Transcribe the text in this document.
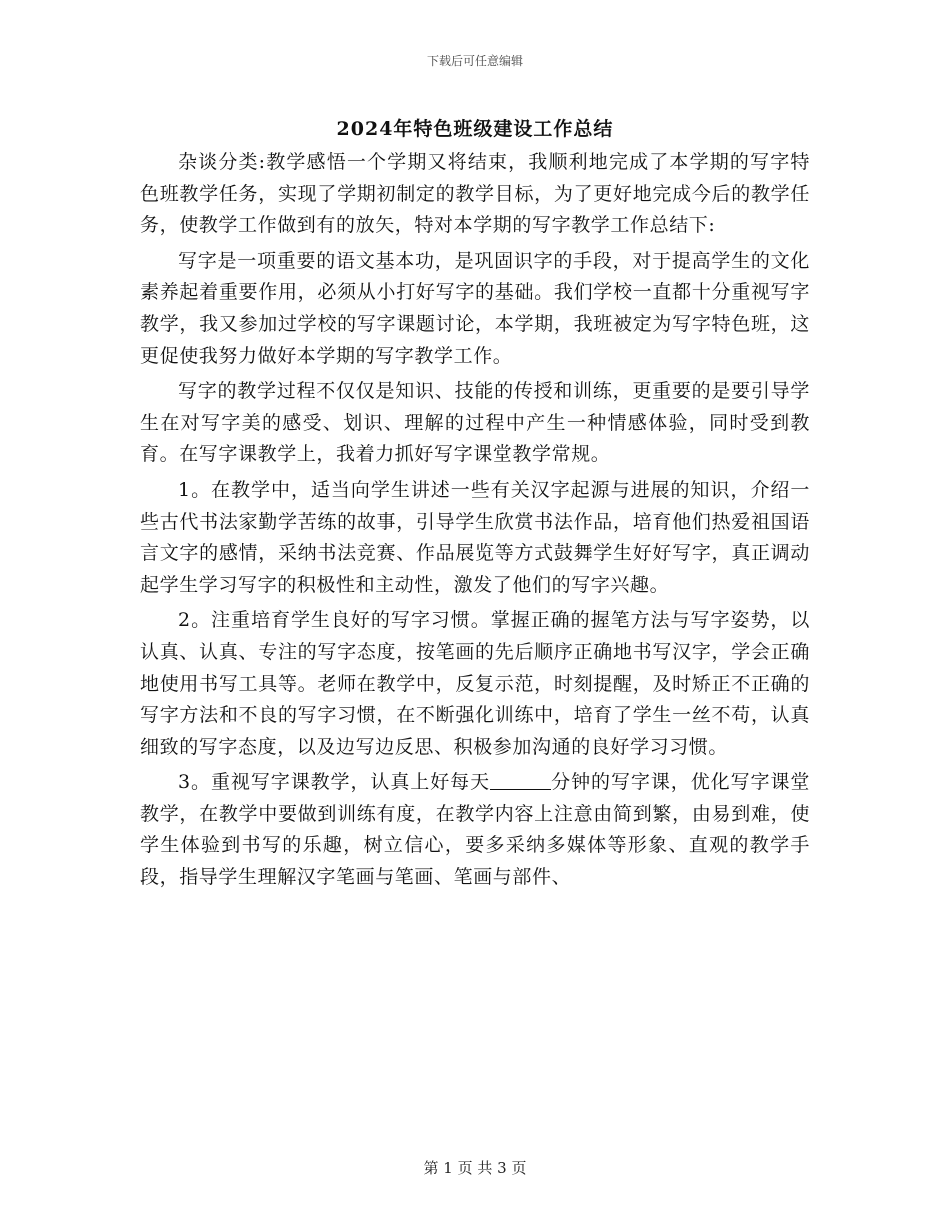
下载后可任意编辑
2024年特色班级建设工作总结

杂谈分类:教学感悟一个学期又将结束，我顺利地完成了本学期的写字特色班教学任务，实现了学期初制定的教学目标，为了更好地完成今后的教学任务，使教学工作做到有的放矢，特对本学期的写字教学工作总结下:

写字是一项重要的语文基本功，是巩固识字的手段，对于提高学生的文化素养起着重要作用，必须从小打好写字的基础。我们学校一直都十分重视写字教学，我又参加过学校的写字课题讨论，本学期，我班被定为写字特色班，这更促使我努力做好本学期的写字教学工作。

写字的教学过程不仅仅是知识、技能的传授和训练，更重要的是要引导学生在对写字美的感受、划识、理解的过程中产生一种情感体验，同时受到教育。在写字课教学上，我着力抓好写字课堂教学常规。

1。在教学中，适当向学生讲述一些有关汉字起源与进展的知识，介绍一些古代书法家勤学苦练的故事，引导学生欣赏书法作品，培育他们热爱祖国语言文字的感情，采纳书法竞赛、作品展览等方式鼓舞学生好好写字，真正调动起学生学习写字的积极性和主动性，激发了他们的写字兴趣。

2。注重培育学生良好的写字习惯。掌握正确的握笔方法与写字姿势，以认真、认真、专注的写字态度，按笔画的先后顺序正确地书写汉字，学会正确地使用书写工具等。老师在教学中，反复示范，时刻提醒，及时矫正不正确的写字方法和不良的写字习惯，在不断强化训练中，培育了学生一丝不苟，认真细致的写字态度，以及边写边反思、积极参加沟通的良好学习习惯。

3。重视写字课教学，认真上好每天	分钟的写字课，优化写字课堂教学，在教学中要做到训练有度，在教学内容上注意由简到繁，由易到难，使学生体验到书写的乐趣，树立信心，要多采纳多媒体等形象、直观的教学手段，指导学生理解汉字笔画与笔画、笔画与部件、

第 1 页 共 3 页
